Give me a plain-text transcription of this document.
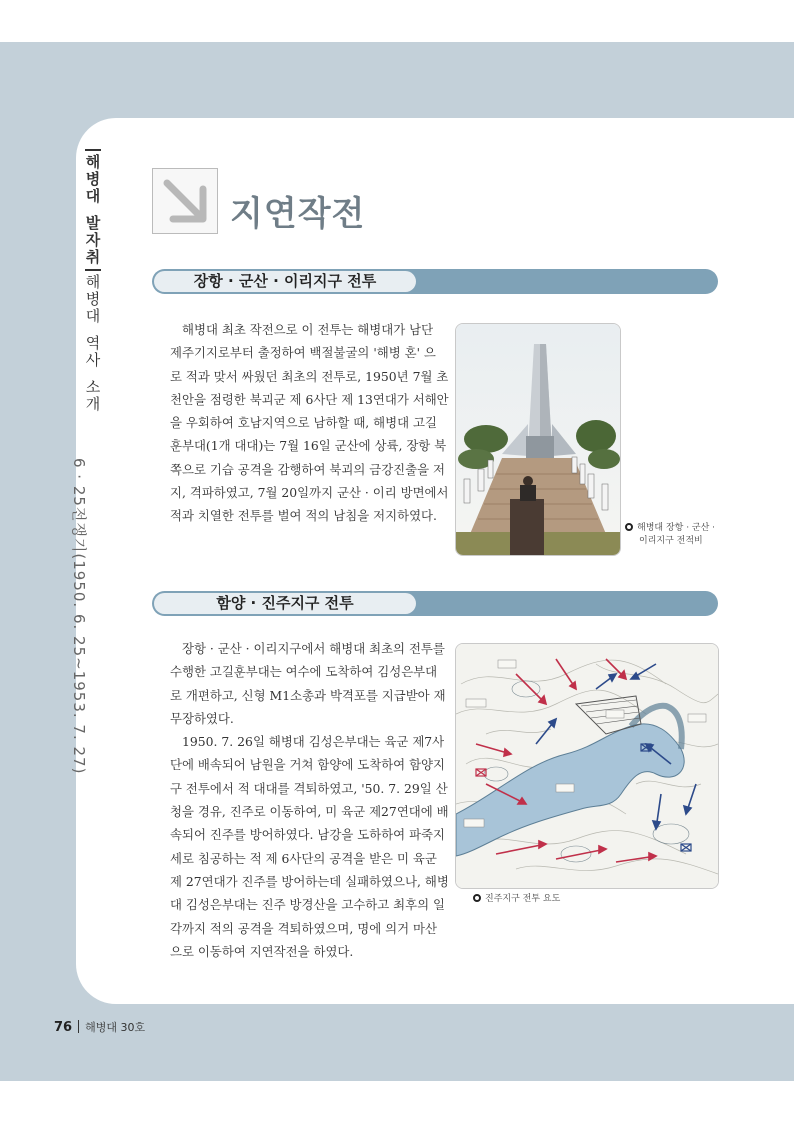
해
병
대
발
자
취
해
병
대
역
사
소
개
6 · 25전쟁기(1950. 6. 25~1953. 7. 27)
지연작전
장항 · 군산 · 이리지구 전투

해병대 최초 작전으로 이 전투는 해병대가 남단

제주기지로부터 출정하여 백절불굴의 '해병 혼' 으

로 적과 맞서 싸웠던 최초의 전투로, 1950년 7월 초

천안을 점령한 북괴군 제 6사단 제 13연대가 서해안

을 우회하여 호남지역으로 남하할 때, 해병대 고길

훈부대(1개 대대)는 7월 16일 군산에 상륙, 장항 북

쪽으로 기습 공격을 감행하여 북괴의 금강진출을 저

지, 격파하였고, 7월 20일까지 군산 · 이리 방면에서

적과 치열한 전투를 벌여 적의 남침을 저지하였다.

해병대 장항 · 군산 ·
이리지구 전적비
함양 · 진주지구 전투

장항 · 군산 · 이리지구에서 해병대 최초의 전투를

수행한 고길훈부대는 여수에 도착하여 김성은부대

로 개편하고, 신형 M1소총과 박격포를 지급받아 재

무장하였다.

1950. 7. 26일 해병대 김성은부대는 육군 제7사

단에 배속되어 남원을 거쳐 함양에 도착하여 함양지

구 전투에서 적 대대를 격퇴하였고, '50. 7. 29일 산

청을 경유, 진주로 이동하여, 미 육군 제27연대에 배

속되어 진주를 방어하였다. 남강을 도하하여 파죽지

세로 침공하는 적 제 6사단의 공격을 받은 미 육군

제 27연대가 진주를 방어하는데 실패하였으나, 해병

대 김성은부대는 진주 방경산을 고수하고 최후의 일

각까지 적의 공격을 격퇴하였으며, 명에 의거 마산

으로 이동하여 지연작전을 하였다.

진주지구 전투 요도
76 해병대 30호
